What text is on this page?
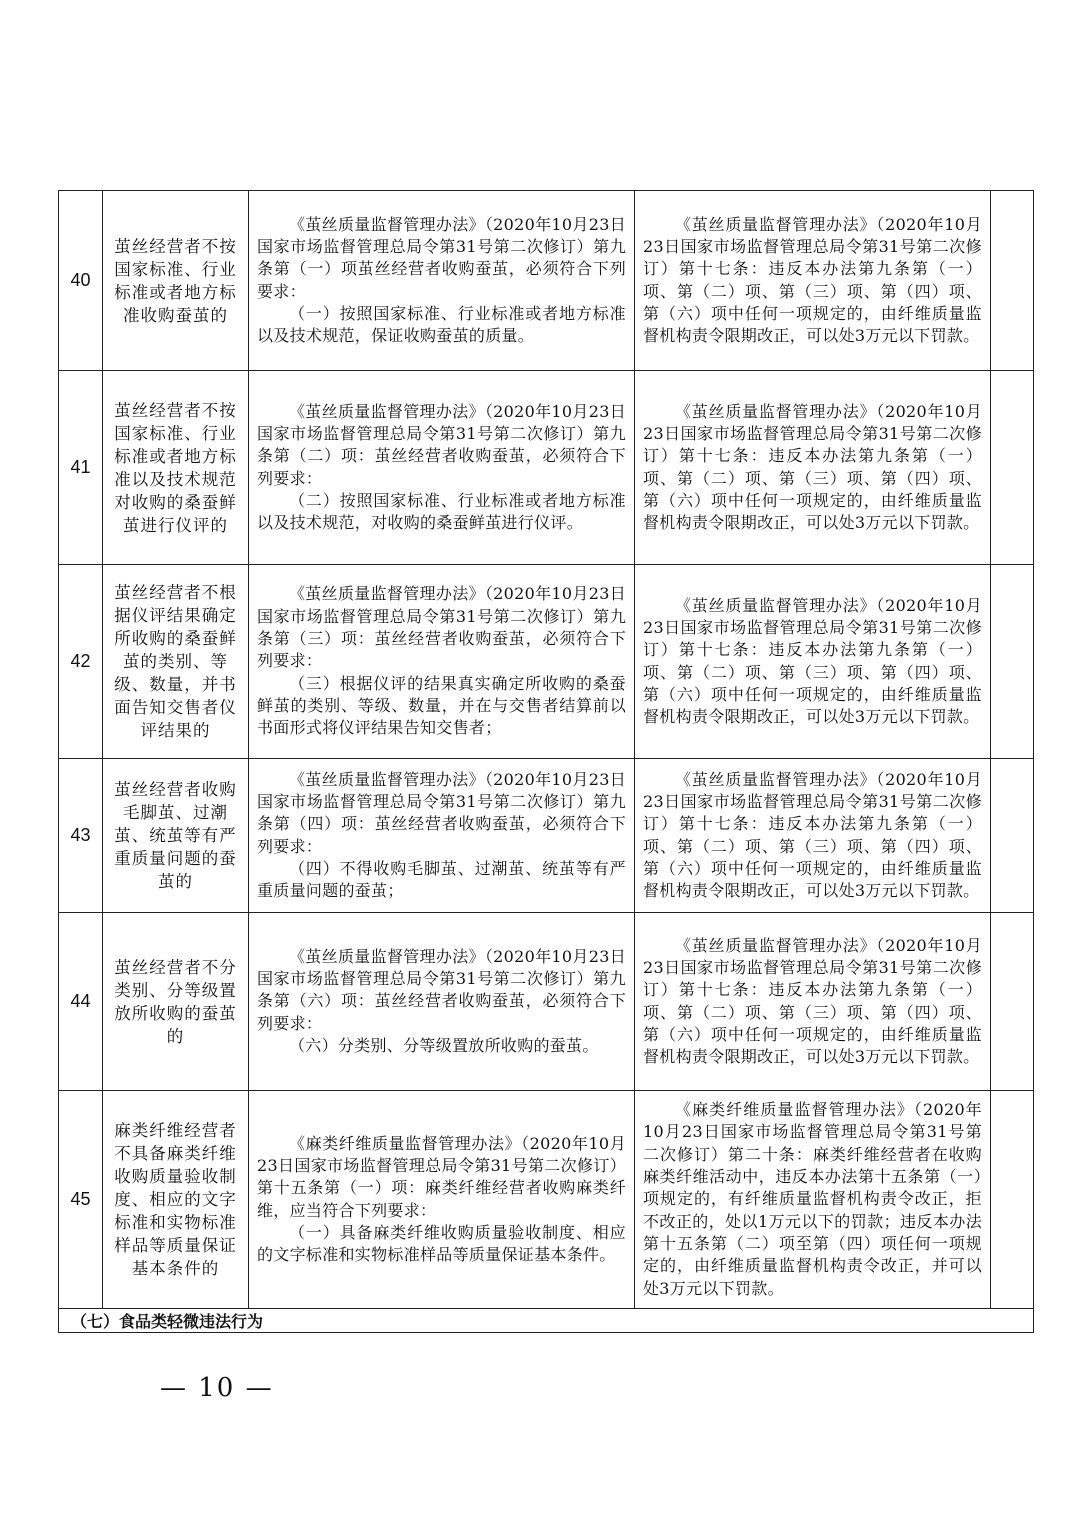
40	茧丝经营者不按国家标准、行业标准或者地方标准收购蚕茧的	《茧丝质量监督管理办法》（2020年10月23日国家市场监督管理总局令第31号第二次修订）第九条第（一）项茧丝经营者收购蚕茧，必须符合下列要求：

（一）按照国家标准、行业标准或者地方标准以及技术规范，保证收购蚕茧的质量。	《茧丝质量监督管理办法》（2020年10月23日国家市场监督管理总局令第31号第二次修订）第十七条：违反本办法第九条第（一）项、第（二）项、第（三）项、第（四）项、第（六）项中任何一项规定的，由纤维质量监督机构责令限期改正，可以处3万元以下罚款。	

41	茧丝经营者不按国家标准、行业标准或者地方标准以及技术规范对收购的桑蚕鲜茧进行仪评的	《茧丝质量监督管理办法》（2020年10月23日国家市场监督管理总局令第31号第二次修订）第九条第（二）项：茧丝经营者收购蚕茧，必须符合下列要求：

（二）按照国家标准、行业标准或者地方标准以及技术规范，对收购的桑蚕鲜茧进行仪评。	《茧丝质量监督管理办法》（2020年10月23日国家市场监督管理总局令第31号第二次修订）第十七条：违反本办法第九条第（一）项、第（二）项、第（三）项、第（四）项、第（六）项中任何一项规定的，由纤维质量监督机构责令限期改正，可以处3万元以下罚款。	

42	茧丝经营者不根据仪评结果确定所收购的桑蚕鲜茧的类别、等级、数量，并书面告知交售者仪评结果的	《茧丝质量监督管理办法》（2020年10月23日国家市场监督管理总局令第31号第二次修订）第九条第（三）项：茧丝经营者收购蚕茧，必须符合下列要求：

（三）根据仪评的结果真实确定所收购的桑蚕鲜茧的类别、等级、数量，并在与交售者结算前以书面形式将仪评结果告知交售者；	《茧丝质量监督管理办法》（2020年10月23日国家市场监督管理总局令第31号第二次修订）第十七条：违反本办法第九条第（一）项、第（二）项、第（三）项、第（四）项、第（六）项中任何一项规定的，由纤维质量监督机构责令限期改正，可以处3万元以下罚款。	

43	茧丝经营者收购毛脚茧、过潮茧、统茧等有严重质量问题的蚕茧的	《茧丝质量监督管理办法》（2020年10月23日国家市场监督管理总局令第31号第二次修订）第九条第（四）项：茧丝经营者收购蚕茧，必须符合下列要求：

（四）不得收购毛脚茧、过潮茧、统茧等有严重质量问题的蚕茧；	《茧丝质量监督管理办法》（2020年10月23日国家市场监督管理总局令第31号第二次修订）第十七条：违反本办法第九条第（一）项、第（二）项、第（三）项、第（四）项、第（六）项中任何一项规定的，由纤维质量监督机构责令限期改正，可以处3万元以下罚款。	

44	茧丝经营者不分类别、分等级置放所收购的蚕茧的	《茧丝质量监督管理办法》（2020年10月23日国家市场监督管理总局令第31号第二次修订）第九条第（六）项：茧丝经营者收购蚕茧，必须符合下列要求：

（六）分类别、分等级置放所收购的蚕茧。	《茧丝质量监督管理办法》（2020年10月23日国家市场监督管理总局令第31号第二次修订）第十七条：违反本办法第九条第（一）项、第（二）项、第（三）项、第（四）项、第（六）项中任何一项规定的，由纤维质量监督机构责令限期改正，可以处3万元以下罚款。	

45	麻类纤维经营者不具备麻类纤维收购质量验收制度、相应的文字标准和实物标准样品等质量保证基本条件的	《麻类纤维质量监督管理办法》（2020年10月23日国家市场监督管理总局令第31号第二次修订）第十五条第（一）项：麻类纤维经营者收购麻类纤维，应当符合下列要求：

（一）具备麻类纤维收购质量验收制度、相应的文字标准和实物标准样品等质量保证基本条件。	《麻类纤维质量监督管理办法》（2020年10月23日国家市场监督管理总局令第31号第二次修订）第二十条：麻类纤维经营者在收购麻类纤维活动中，违反本办法第十五条第（一）项规定的，有纤维质量监督机构责令改正，拒不改正的，处以1万元以下的罚款；违反本办法第十五条第（二）项至第（四）项任何一项规定的，由纤维质量监督机构责令改正，并可以处3万元以下罚款。	

（七）食品类轻微违法行为				
— 10 —
